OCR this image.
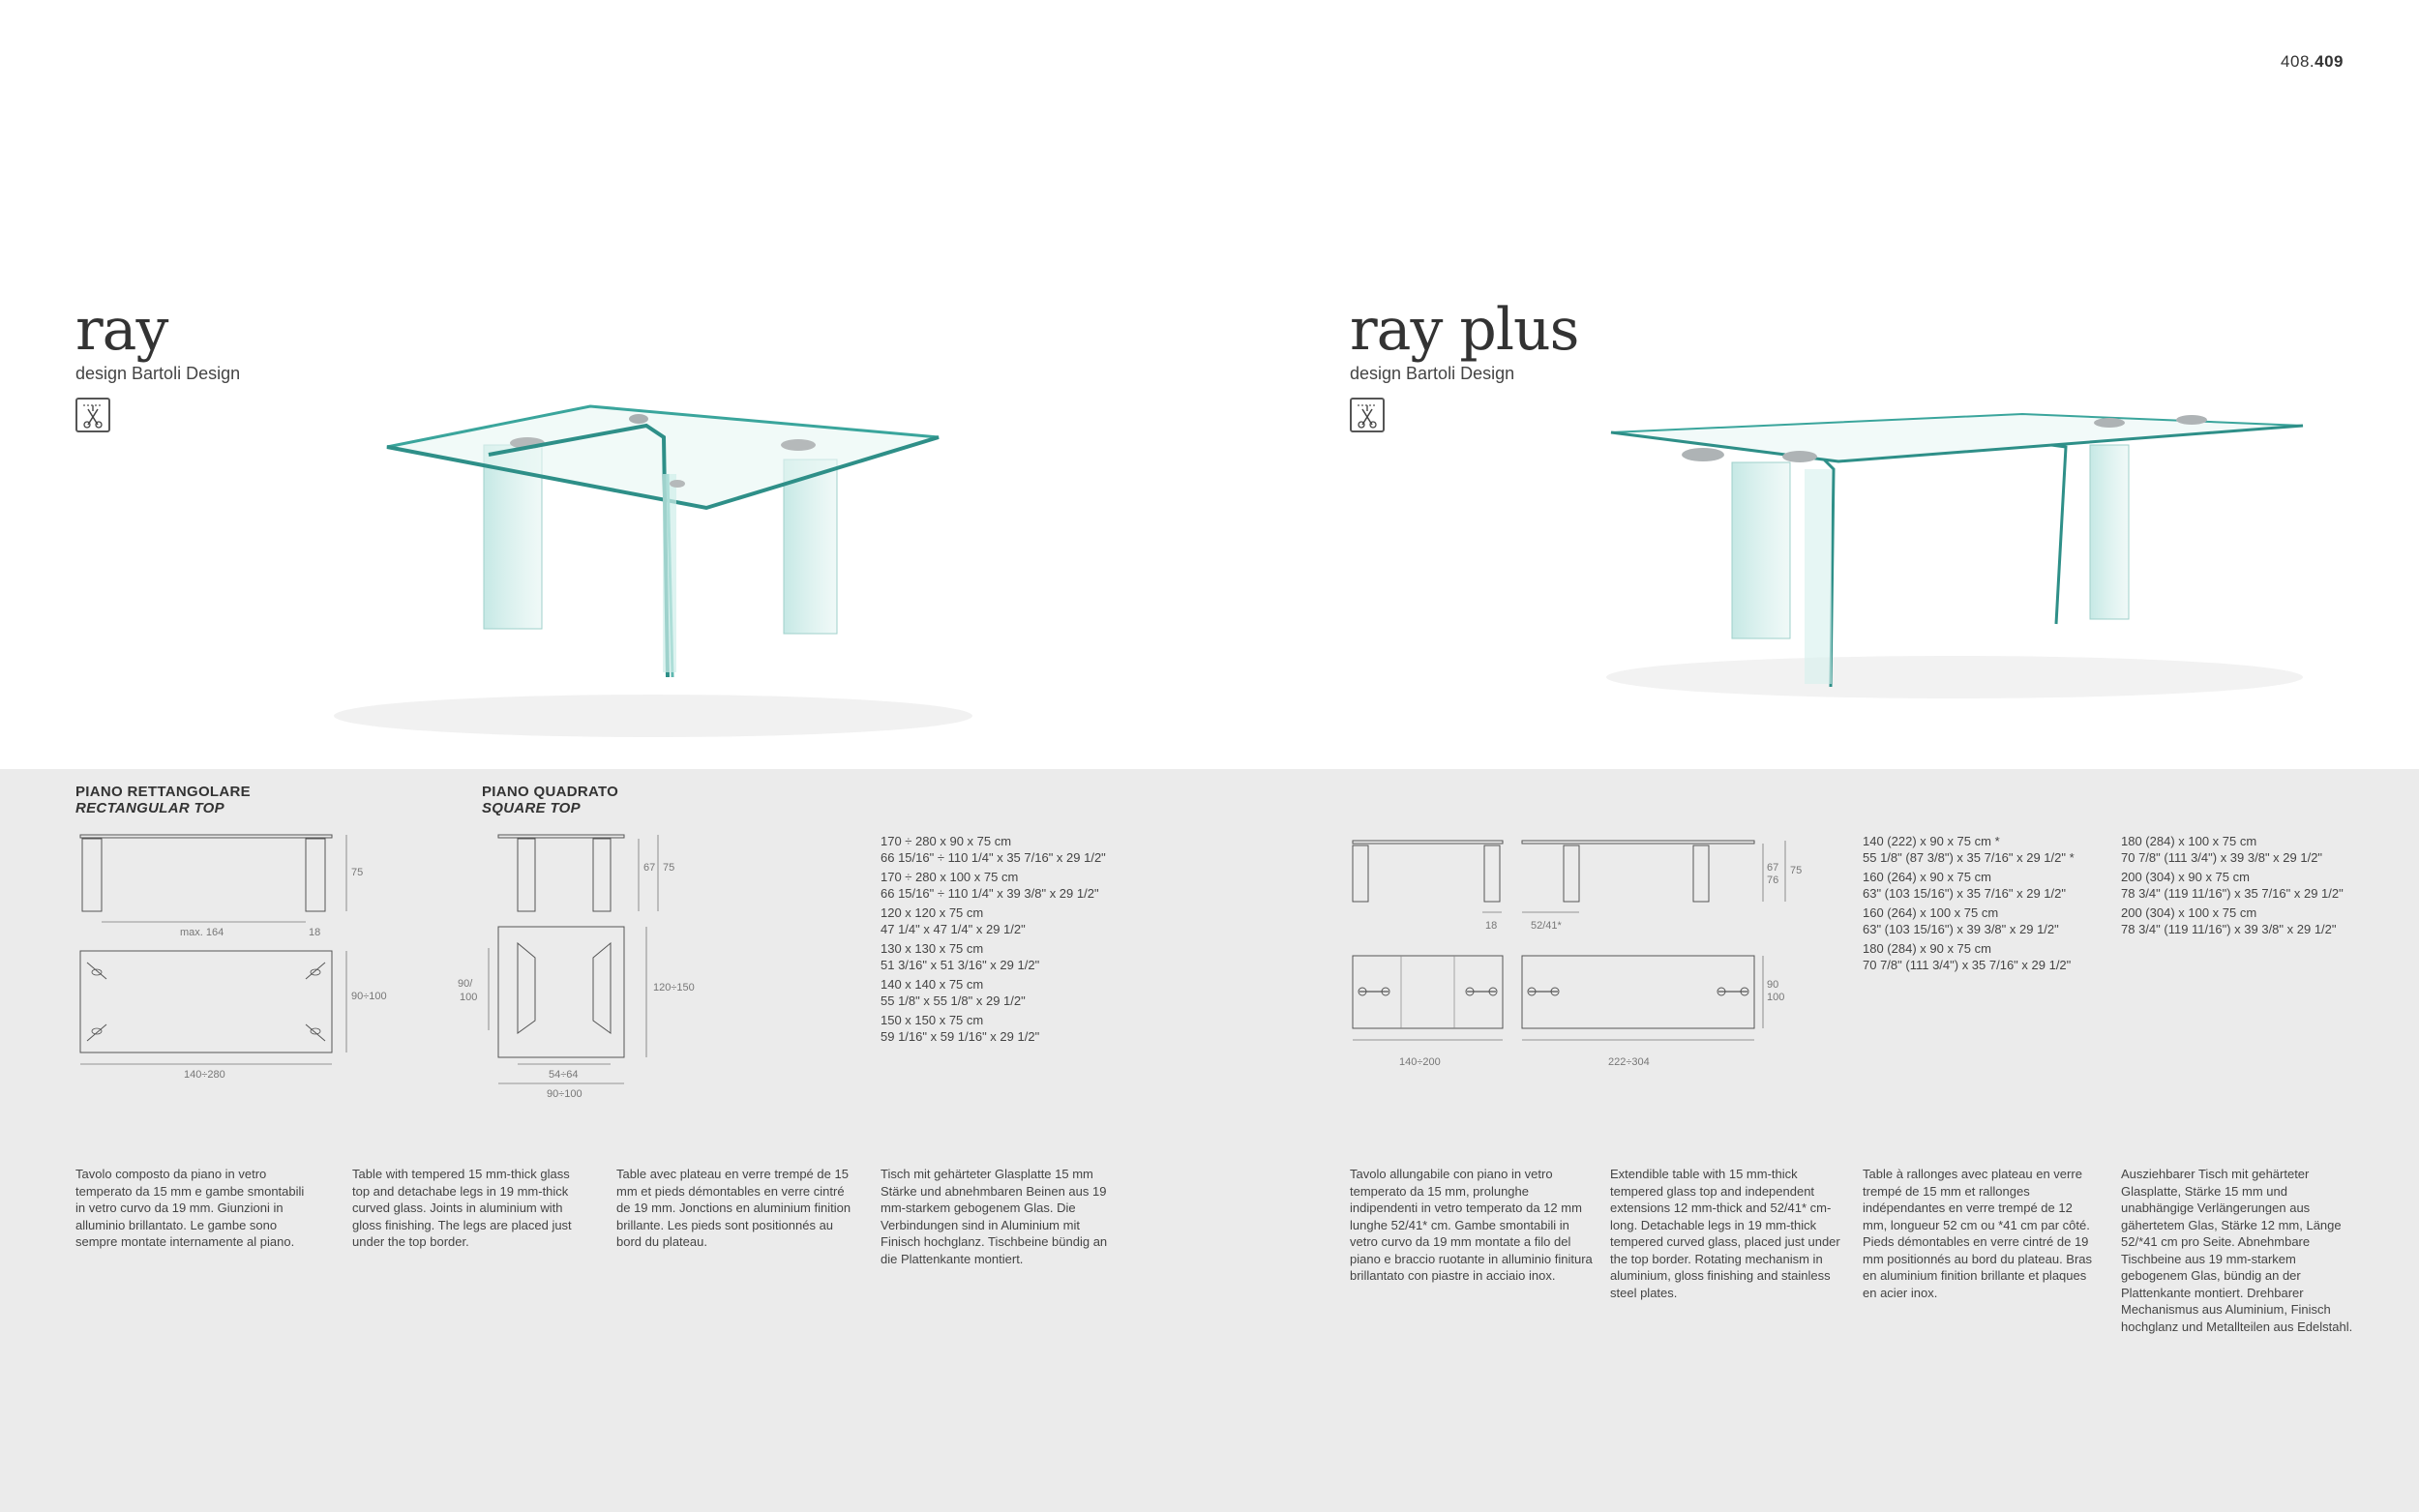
408.409
ray
design Bartoli Design
ray plus
design Bartoli Design
PIANO RETTANGOLARE
RECTANGULAR TOP
75
max. 164	18
90÷100
140÷280
PIANO QUADRATO
SQUARE TOP
67 75
90/
100
120÷150
54÷64
90÷100
170 ÷ 280 x 90 x 75 cm
66 15/16" ÷ 110 1/4" x 35 7/16" x 29 1/2"
170 ÷ 280 x 100 x 75 cm
66 15/16" ÷ 110 1/4" x 39 3/8" x 29 1/2"
120 x 120 x 75 cm
47 1/4" x 47 1/4" x 29 1/2"
130 x 130 x 75 cm
51 3/16" x 51 3/16" x 29 1/2"
140 x 140 x 75 cm
55 1/8" x 55 1/8" x 29 1/2"
150 x 150 x 75 cm
59 1/16" x 59 1/16" x 29 1/2"
67
76
75
18	52/41*
90
100
140÷200	222÷304
140 (222) x 90 x 75 cm *
55 1/8" (87 3/8") x 35 7/16" x 29 1/2" *
160 (264) x 90 x 75 cm
63" (103 15/16") x 35 7/16" x 29 1/2"
160 (264) x 100 x 75 cm
63" (103 15/16") x 39 3/8" x 29 1/2"
180 (284) x 90 x 75 cm
70 7/8" (111 3/4") x 35 7/16" x 29 1/2"
180 (284) x 100 x 75 cm
70 7/8" (111 3/4") x 39 3/8" x 29 1/2"
200 (304) x 90 x 75 cm
78 3/4" (119 11/16") x 35 7/16" x 29 1/2"
200 (304) x 100 x 75 cm
78 3/4" (119 11/16") x 39 3/8" x 29 1/2"
Tavolo composto da piano in vetro temperato da 15 mm e gambe smontabili in vetro curvo da 19 mm. Giunzioni in alluminio brillantato. Le gambe sono sempre montate internamente al piano.
Table with tempered 15 mm-thick glass top and detachabe legs in 19 mm-thick curved glass. Joints in aluminium with gloss finishing. The legs are placed just under the top border.
Table avec plateau en verre trempé de 15 mm et pieds démontables en verre cintré de 19 mm. Jonctions en aluminium finition brillante. Les pieds sont positionnés au bord du plateau.
Tisch mit gehärteter Glasplatte 15 mm Stärke und abnehmbaren Beinen aus 19 mm-starkem gebogenem Glas. Die Verbindungen sind in Aluminium mit Finisch hochglanz. Tischbeine bündig an die Plattenkante montiert.
Tavolo allungabile con piano in vetro temperato da 15 mm, prolunghe indipendenti in vetro temperato da 12 mm lunghe 52/41* cm. Gambe smontabili in vetro curvo da 19 mm montate a filo del piano e braccio ruotante in alluminio finitura brillantato con piastre in acciaio inox.
Extendible table with 15 mm-thick tempered glass top and independent extensions 12 mm-thick and 52/41* cm-long. Detachable legs in 19 mm-thick tempered curved glass, placed just under the top border. Rotating mechanism in aluminium, gloss finishing and stainless steel plates.
Table à rallonges avec plateau en verre trempé de 15 mm et rallonges indépendantes en verre trempé de 12 mm, longueur 52 cm ou *41 cm par côté. Pieds démontables en verre cintré de 19 mm positionnés au bord du plateau. Bras en aluminium finition brillante et plaques en acier inox.
Ausziehbarer Tisch mit gehärteter Glasplatte, Stärke 15 mm und unabhängige Verlängerungen aus gähertetem Glas, Stärke 12 mm, Länge 52/*41 cm pro Seite. Abnehmbare Tischbeine aus 19 mm-starkem gebogenem Glas, bündig an der Plattenkante montiert. Drehbarer Mechanismus aus Aluminium, Finisch hochglanz und Metallteilen aus Edelstahl.
